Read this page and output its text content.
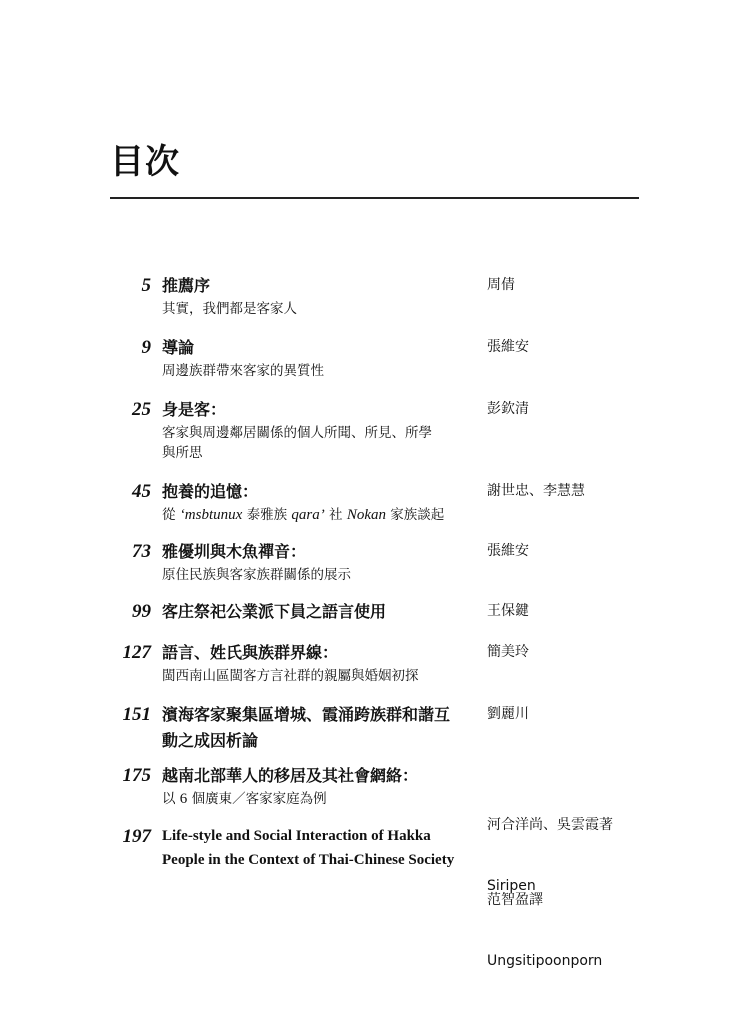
目次
5 推薦序
其實，我們都是客家人
周倩
9 導論
周邊族群帶來客家的異質性
張維安
25 身是客：
客家與周邊鄰居關係的個人所聞、所見、所學
與所思
彭欽清
45 抱養的追憶：
從 ‘msbtunux 泰雅族 qara’ 社 Nokan 家族談起
謝世忠、李慧慧
73 雅優圳與木魚禪音：
原住民族與客家族群關係的展示
張維安
99 客庄祭祀公業派下員之語言使用	王保鍵
127 語言、姓氏與族群界線：
閩西南山區閩客方言社群的親屬與婚姻初探
簡美玲
151 濱海客家聚集區增城、霞涌跨族群和諧互
動之成因析論
劉麗川
175 越南北部華人的移居及其社會網絡：
以 6 個廣東／客家家庭為例

河合洋尚、吳雲霞著

范智盈譯

197 Life-style and Social Interaction of Hakka
People in the Context of Thai-Chinese Society

Siripen

Ungsitipoonporn
